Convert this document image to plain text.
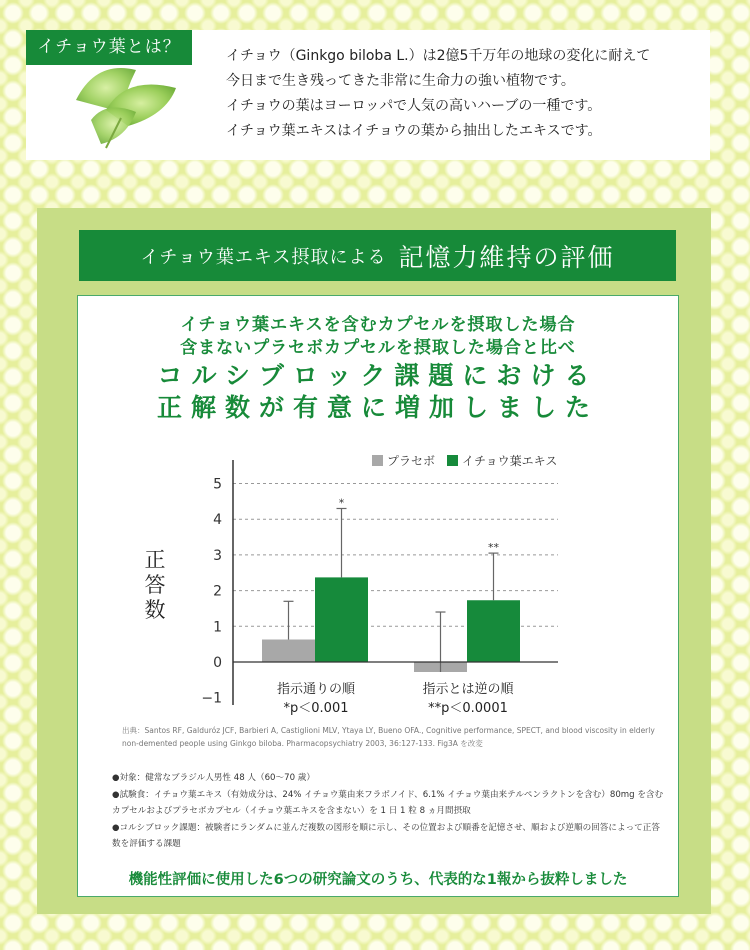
イチョウ葉とは？	イチョウ（Ginkgo biloba L.）は2億5千万年の地球の変化に耐えて

今日まで生き残ってきた非常に生命力の強い植物です。

イチョウの葉はヨーロッパで人気の高いハーブの一種です。

イチョウ葉エキスはイチョウの葉から抽出したエキスです。

イチョウ葉エキス摂取による 記憶力維持の評価
イチョウ葉エキスを含むカプセルを摂取した場合
含まないプラセボカプセルを摂取した場合と比べ
コルシブロック課題における
正解数が有意に増加しました
プラセボ イチョウ葉エキス
正答数
5
4
3
2
1
0
−1
*
**
指示通りの順
*p＜0.001
指示とは逆の順
**p＜0.0001
出典：Santos RF, Galduróz JCF, Barbieri A, Castiglioni MLV, Ytaya LY, Bueno OFA., Cognitive performance, SPECT, and blood viscosity in elderly non-demented people using Ginkgo biloba. Pharmacopsychiatry 2003, 36:127-133. Fig3A を改変

●対象：健常なブラジル人男性 48 人（60〜70 歳）

●試験食：イチョウ葉エキス（有効成分は、24% イチョウ葉由来フラボノイド、6.1% イチョウ葉由来テルペンラクトンを含む）80mg を含むカプセルおよびプラセボカプセル（イチョウ葉エキスを含まない）を 1 日 1 粒 8 ヵ月間摂取

●コルシブロック課題：被験者にランダムに並んだ複数の図形を順に示し、その位置および順番を記憶させ、順および逆順の回答によって正答数を評価する課題

機能性評価に使用した6つの研究論文のうち、代表的な1報から抜粋しました
